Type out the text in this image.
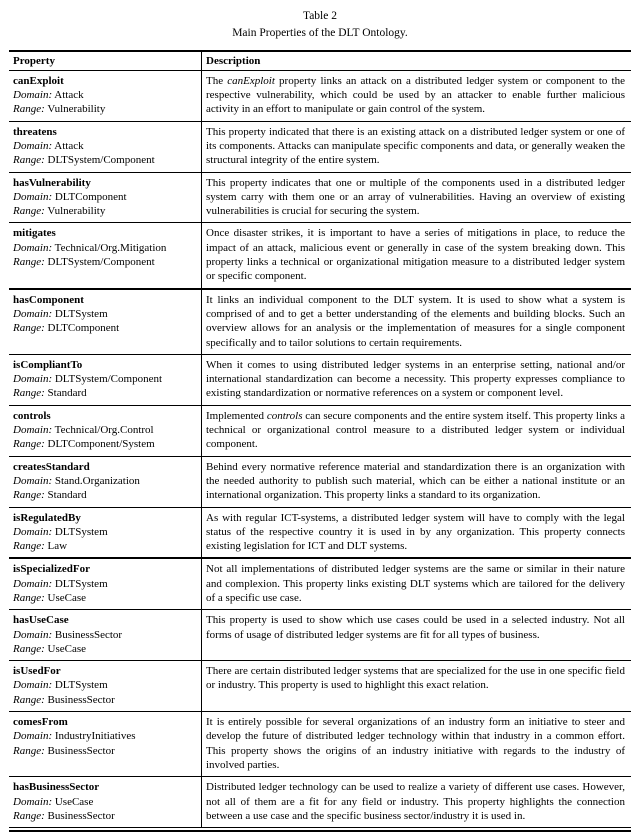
Table 2
Main Properties of the DLT Ontology.
Property	Description

canExploit
Domain: Attack
Range: Vulnerability
	The canExploit property links an attack on a distributed ledger system or component to the respective vulnerability, which could be used by an attacker to enable further malicious activity in an effort to manipulate or gain control of the system.

threatens
Domain: Attack
Range: DLTSystem/Component
	This property indicated that there is an existing attack on a distributed ledger system or one of its components. Attacks can manipulate specific components and data, or generally weaken the structural integrity of the entire system.

hasVulnerability
Domain: DLTComponent
Range: Vulnerability
	This property indicates that one or multiple of the components used in a distributed ledger system carry with them one or an array of vulnerabilities. Having an overview of existing vulnerabilities is crucial for securing the system.

mitigates
Domain: Technical/Org.Mitigation
Range: DLTSystem/Component
	Once disaster strikes, it is important to have a series of mitigations in place, to reduce the impact of an attack, malicious event or generally in case of the system breaking down. This property links a technical or organizational mitigation measure to a distributed ledger system or specific component.

hasComponent
Domain: DLTSystem
Range: DLTComponent
	It links an individual component to the DLT system. It is used to show what a system is comprised of and to get a better understanding of the elements and building blocks. Such an overview allows for an analysis or the implementation of measures for a single component specifically and to tailor solutions to certain requirements.

isCompliantTo
Domain: DLTSystem/Component
Range: Standard
	When it comes to using distributed ledger systems in an enterprise setting, national and/or international standardization can become a necessity. This property expresses compliance to existing standardization or normative references on a system or component level.

controls
Domain: Technical/Org.Control
Range: DLTComponent/System	Implemented controls can secure components and the entire system itself. This property links a technical or organizational control measure to a distributed ledger system or individual component.

createsStandard
Domain: Stand.Organization
Range: Standard
	Behind every normative reference material and standardization there is an organization with the needed authority to publish such material, which can be either a national institute or an international organization. This property links a standard to its organization.

isRegulatedBy
Domain: DLTSystem
Range: Law
	As with regular ICT-systems, a distributed ledger system will have to comply with the legal status of the respective country it is used in by any organization. This property connects existing legislation for ICT and DLT systems.

isSpecializedFor
Domain: DLTSystem
Range: UseCase
	Not all implementations of distributed ledger systems are the same or similar in their nature and complexion. This property links existing DLT systems which are tailored for the delivery of a specific use case.

hasUseCase
Domain: BusinessSector
Range: UseCase	This property is used to show which use cases could be used in a selected industry. Not all forms of usage of distributed ledger systems are fit for all types of business.

isUsedFor
Domain: DLTSystem
Range: BusinessSector	There are certain distributed ledger systems that are specialized for the use in one specific field or industry. This property is used to highlight this exact relation.

comesFrom
Domain: IndustryInitiatives
Range: BusinessSector
	It is entirely possible for several organizations of an industry form an initiative to steer and develop the future of distributed ledger technology within that industry in a common effort. This property shows the origins of an industry initiative with regards to the industry of involved parties.

hasBusinessSector
Domain: UseCase
Range: BusinessSector
	Distributed ledger technology can be used to realize a variety of different use cases. However, not all of them are a fit for any field or industry. This property highlights the connection between a use case and the specific business sector/industry it is used in.
